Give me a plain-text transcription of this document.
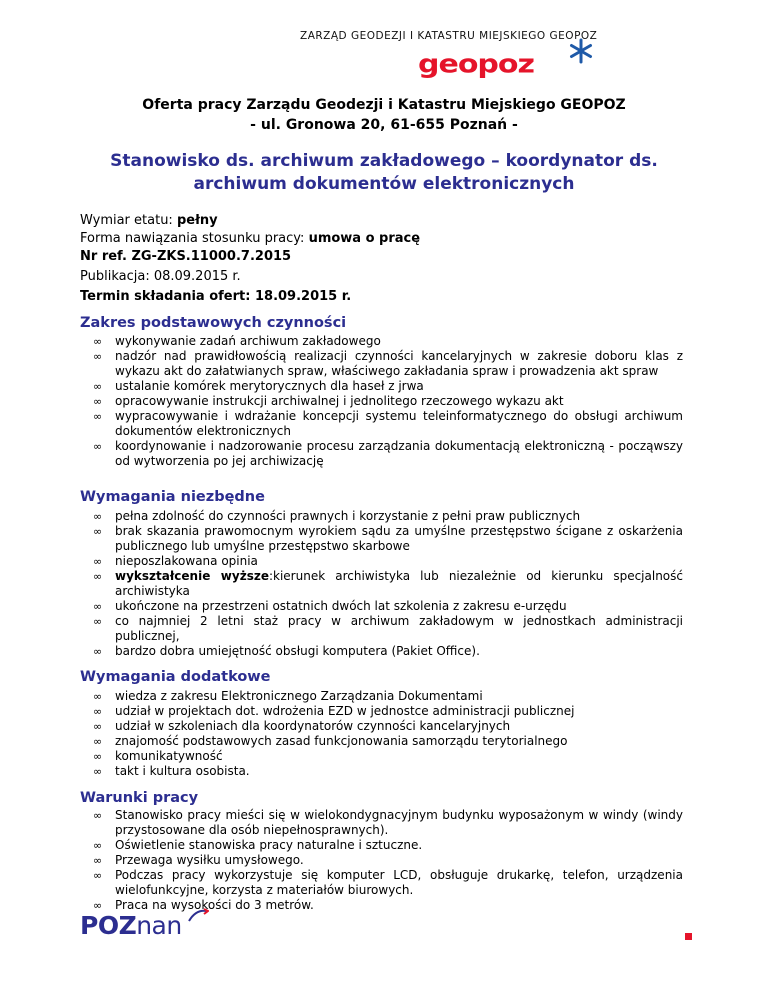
ZARZĄD GEODEZJI I KATASTRU MIEJSKIEGO GEOPOZ
geopoz
Oferta pracy Zarządu Geodezji i Katastru Miejskiego GEOPOZ
- ul. Gronowa 20, 61-655 Poznań -
Stanowisko ds. archiwum zakładowego – koordynator ds.
archiwum dokumentów elektronicznych
Wymiar etatu: pełny
Forma nawiązania stosunku pracy: umowa o pracę
Nr ref. ZG-ZKS.11000.7.2015
Publikacja: 08.09.2015 r.
Termin składania ofert: 18.09.2015 r.
Zakres podstawowych czynności
∞ wykonywanie zadań archiwum zakładowego
∞ nadzór nad prawidłowością realizacji czynności kancelaryjnych w zakresie doboru klas z wykazu akt do załatwianych spraw, właściwego zakładania spraw i prowadzenia akt spraw
∞ ustalanie komórek merytorycznych dla haseł z jrwa
∞ opracowywanie instrukcji archiwalnej i jednolitego rzeczowego wykazu akt
∞ wypracowywanie i wdrażanie koncepcji systemu teleinformatycznego do obsługi archiwum dokumentów elektronicznych
∞ koordynowanie i nadzorowanie procesu zarządzania dokumentacją elektroniczną - począwszy od wytworzenia po jej archiwizację
Wymagania niezbędne
∞ pełna zdolność do czynności prawnych i korzystanie z pełni praw publicznych
∞ brak skazania prawomocnym wyrokiem sądu za umyślne przestępstwo ścigane z oskarżenia publicznego lub umyślne przestępstwo skarbowe
∞ nieposzlakowana opinia
∞ wykształcenie wyższe:kierunek archiwistyka lub niezależnie od kierunku specjalność archiwistyka
∞ ukończone na przestrzeni ostatnich dwóch lat szkolenia z zakresu e-urzędu
∞ co najmniej 2 letni staż pracy w archiwum zakładowym w jednostkach administracji publicznej,
∞ bardzo dobra umiejętność obsługi komputera (Pakiet Office).
Wymagania dodatkowe
∞ wiedza z zakresu Elektronicznego Zarządzania Dokumentami
∞ udział w projektach dot. wdrożenia EZD w jednostce administracji publicznej
∞ udział w szkoleniach dla koordynatorów czynności kancelaryjnych
∞ znajomość podstawowych zasad funkcjonowania samorządu terytorialnego
∞ komunikatywność
∞ takt i kultura osobista.
Warunki pracy
∞ Stanowisko pracy mieści się w wielokondygnacyjnym budynku wyposażonym w windy (windy przystosowane dla osób niepełnosprawnych).
∞ Oświetlenie stanowiska pracy naturalne i sztuczne.
∞ Przewaga wysiłku umysłowego.
∞ Podczas pracy wykorzystuje się komputer LCD, obsługuje drukarkę, telefon, urządzenia wielofunkcyjne, korzysta z materiałów biurowych.
∞ Praca na wysokości do 3 metrów.
POZnan
